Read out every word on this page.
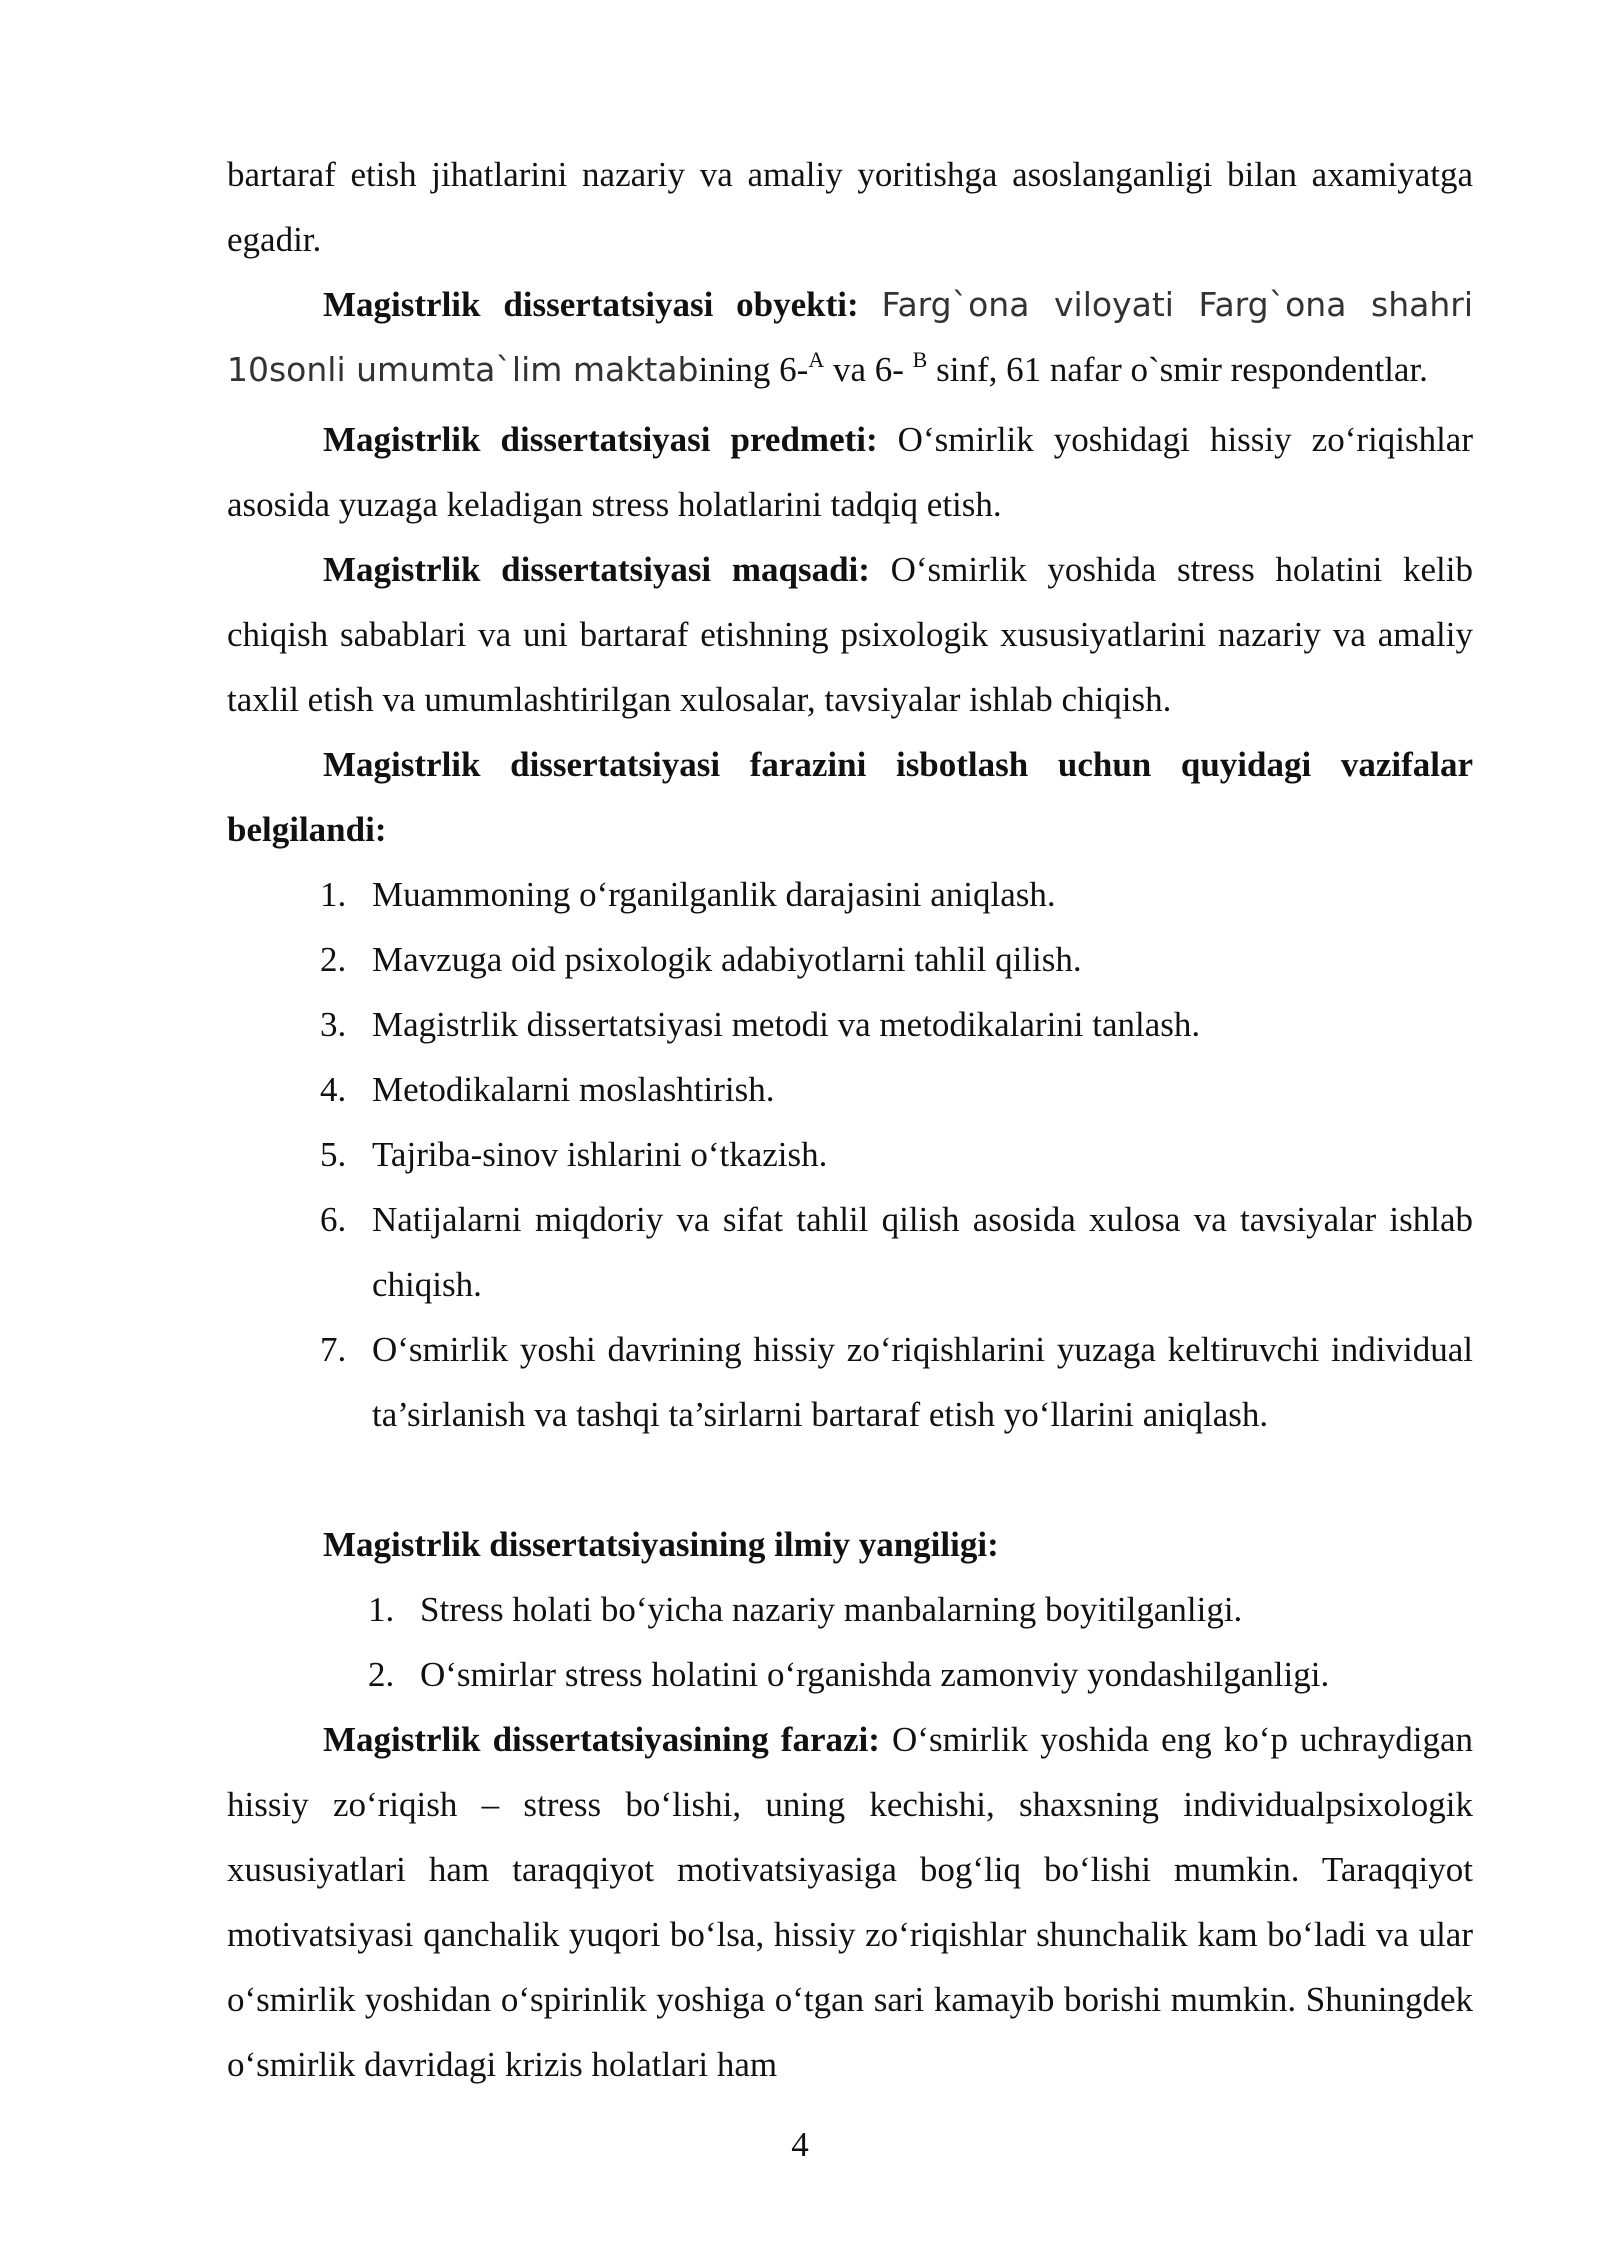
bartaraf etish jihatlarini nazariy va amaliy yoritishga asoslanganligi bilan axamiyatga egadir.
Magistrlik dissertatsiyasi obyekti: Farg`ona viloyati Farg`ona shahri 10sonli umumta`lim maktabining 6-$^A$ va 6- $^B$ sinf, 61 nafar o`smir respondentlar.
Magistrlik dissertatsiyasi predmeti: O‘smirlik yoshidagi hissiy zo‘riqishlar asosida yuzaga keladigan stress holatlarini tadqiq etish.
Magistrlik dissertatsiyasi maqsadi: O‘smirlik yoshida stress holatini kelib chiqish sabablari va uni bartaraf etishning psixologik xususiyatlarini nazariy va amaliy taxlil etish va umumlashtirilgan xulosalar, tavsiyalar ishlab chiqish.
Magistrlik dissertatsiyasi farazini isbotlash uchun quyidagi vazifalar belgilandi:
1. Muammoning o‘rganilganlik darajasini aniqlash.
2. Mavzuga oid psixologik adabiyotlarni tahlil qilish.
3. Magistrlik dissertatsiyasi metodi va metodikalarini tanlash.
4. Metodikalarni moslashtirish.
5. Tajriba-sinov ishlarini o‘tkazish.
6. Natijalarni miqdoriy va sifat tahlil qilish asosida xulosa va tavsiyalar ishlab chiqish.
7. O‘smirlik yoshi davrining hissiy zo‘riqishlarini yuzaga keltiruvchi individual ta’sirlanish va tashqi ta’sirlarni bartaraf etish yo‘llarini aniqlash.
Magistrlik dissertatsiyasining ilmiy yangiligi:
1. Stress holati bo‘yicha nazariy manbalarning boyitilganligi.
2. O‘smirlar stress holatini o‘rganishda zamonviy yondashilganligi.
Magistrlik dissertatsiyasining farazi: O‘smirlik yoshida eng ko‘p uchraydigan hissiy zo‘riqish – stress bo‘lishi, uning kechishi, shaxsning individualpsixologik xususiyatlari ham taraqqiyot motivatsiyasiga bog‘liq bo‘lishi mumkin. Taraqqiyot motivatsiyasi qanchalik yuqori bo‘lsa, hissiy zo‘riqishlar shunchalik kam bo‘ladi va ular o‘smirlik yoshidan o‘spirinlik yoshiga o‘tgan sari kamayib borishi mumkin. Shuningdek o‘smirlik davridagi krizis holatlari ham
4
